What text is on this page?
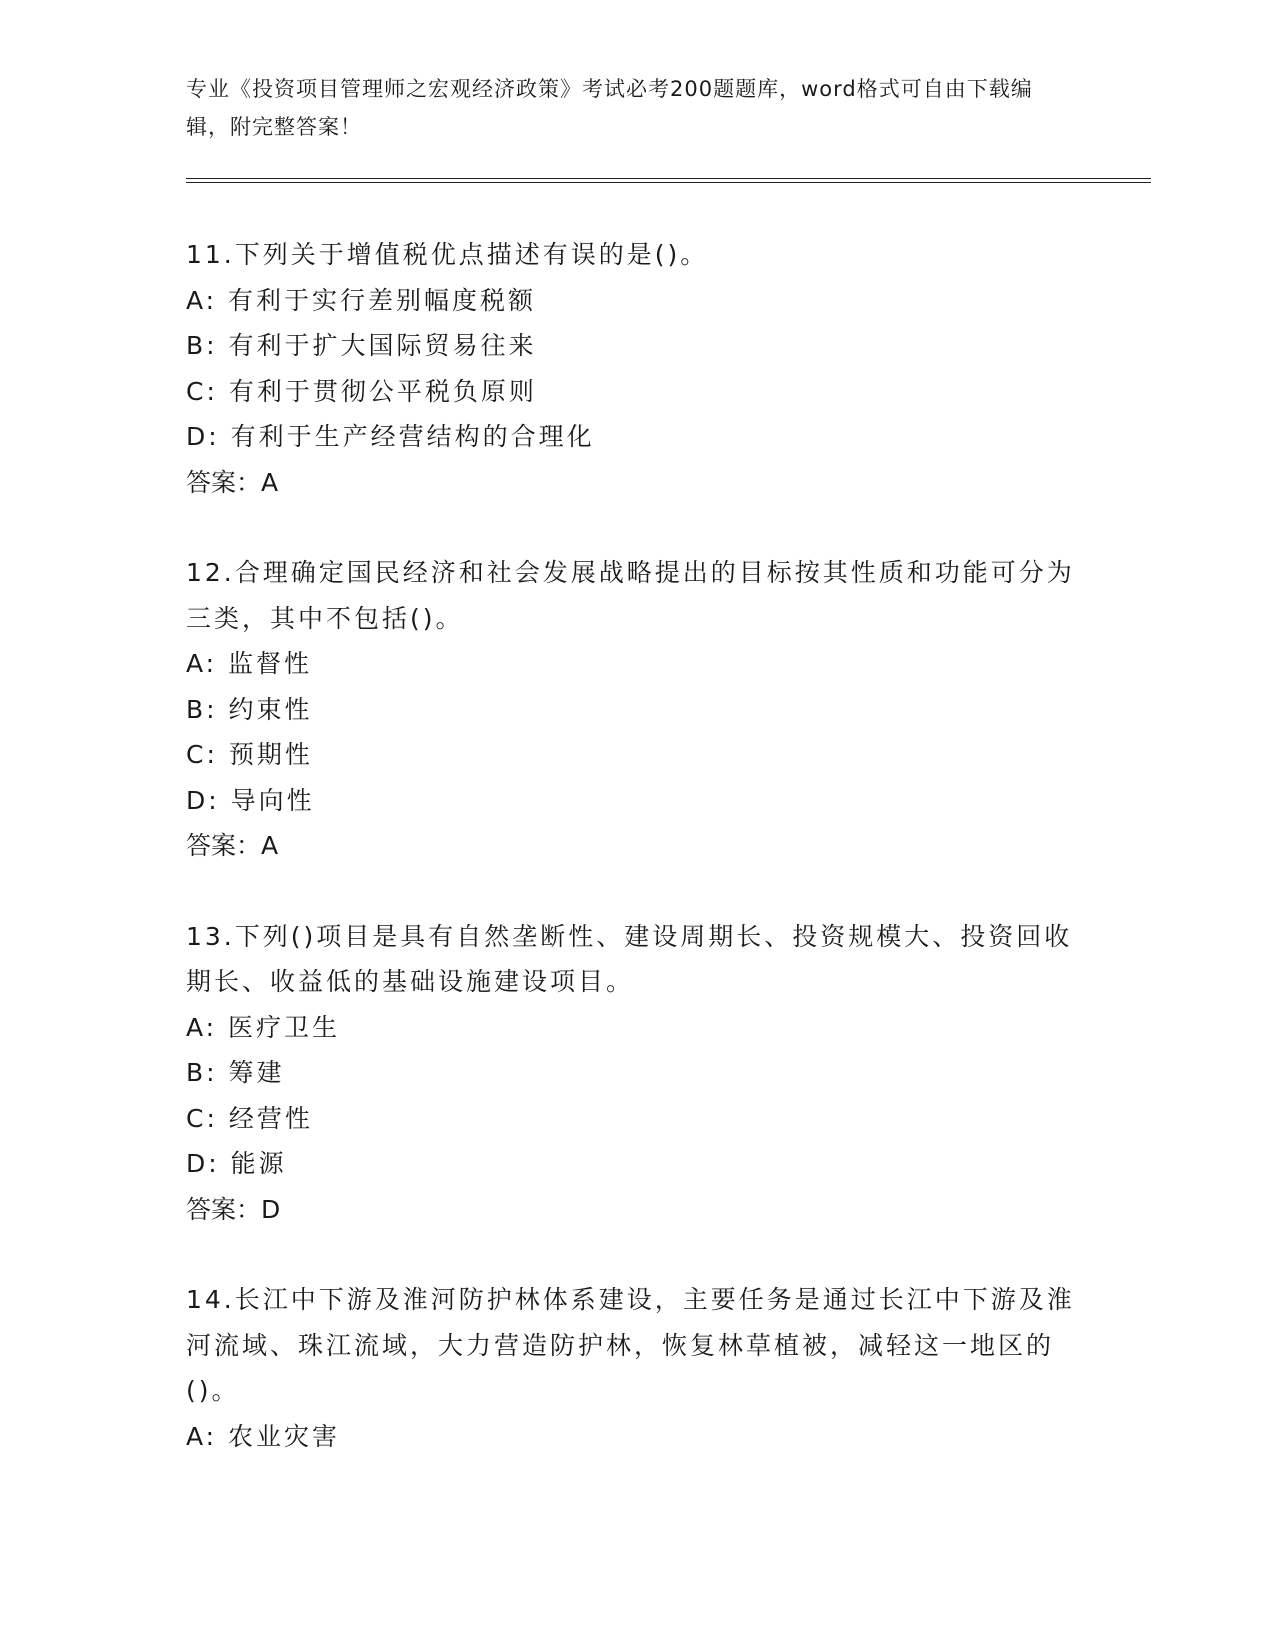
专业《投资项目管理师之宏观经济政策》考试必考200题题库，word格式可自由下载编辑，附完整答案！
11.下列关于增值税优点描述有误的是()。
A: 有利于实行差别幅度税额
B: 有利于扩大国际贸易往来
C: 有利于贯彻公平税负原则
D: 有利于生产经营结构的合理化
答案：A
12.合理确定国民经济和社会发展战略提出的目标按其性质和功能可分为三类，其中不包括()。
A: 监督性
B: 约束性
C: 预期性
D: 导向性
答案：A
13.下列()项目是具有自然垄断性、建设周期长、投资规模大、投资回收期长、收益低的基础设施建设项目。
A: 医疗卫生
B: 筹建
C: 经营性
D: 能源
答案：D
14.长江中下游及淮河防护林体系建设，主要任务是通过长江中下游及淮河流域、珠江流域，大力营造防护林，恢复林草植被，减轻这一地区的()。
A: 农业灾害
